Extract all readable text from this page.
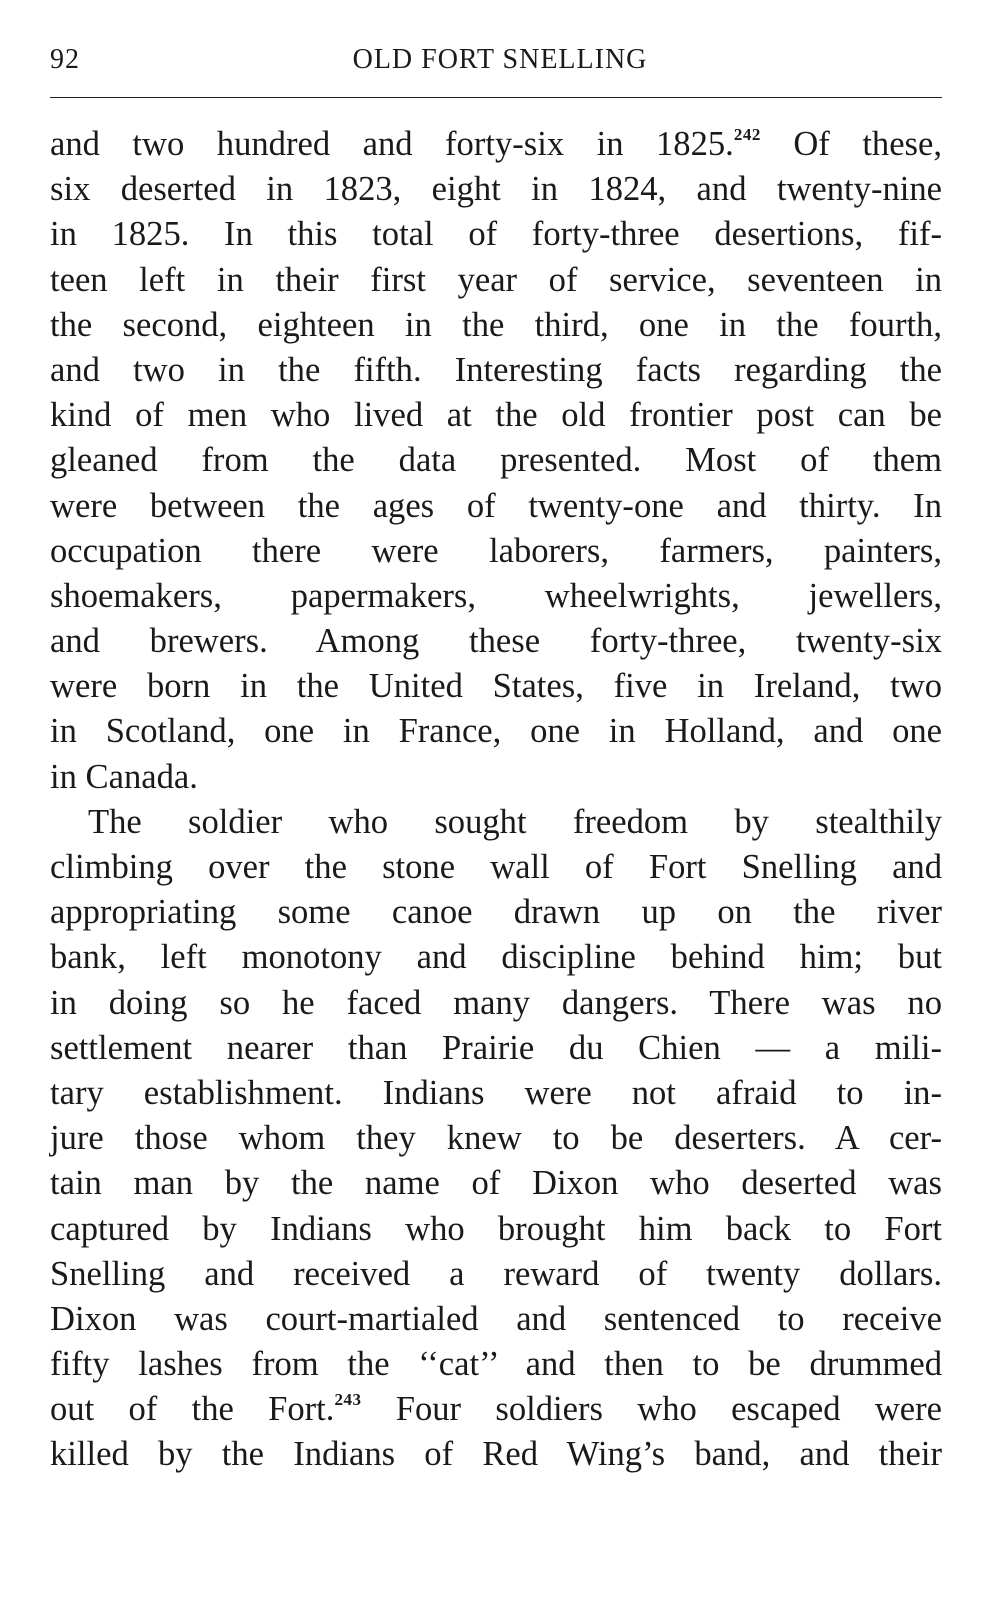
92	OLD FORT SNELLING
and two hundred and forty-six in 1825.$^{242}$ Of these,
six deserted in 1823, eight in 1824, and twenty-nine
in 1825. In this total of forty-three desertions, fif-
teen left in their first year of service, seventeen in
the second, eighteen in the third, one in the fourth,
and two in the fifth. Interesting facts regarding the
kind of men who lived at the old frontier post can be
gleaned from the data presented. Most of them
were between the ages of twenty-one and thirty. In
occupation there were laborers, farmers, painters,
shoemakers, papermakers, wheelwrights, jewellers,
and brewers. Among these forty-three, twenty-six
were born in the United States, five in Ireland, two
in Scotland, one in France, one in Holland, and one
in Canada.
The soldier who sought freedom by stealthily
climbing over the stone wall of Fort Snelling and
appropriating some canoe drawn up on the river
bank, left monotony and discipline behind him; but
in doing so he faced many dangers. There was no
settlement nearer than Prairie du Chien — a mili-
tary establishment. Indians were not afraid to in-
jure those whom they knew to be deserters. A cer-
tain man by the name of Dixon who deserted was
captured by Indians who brought him back to Fort
Snelling and received a reward of twenty dollars.
Dixon was court-martialed and sentenced to receive
fifty lashes from the ‘‘cat’’ and then to be drummed
out of the Fort.$^{243}$ Four soldiers who escaped were
killed by the Indians of Red Wing’s band, and their
